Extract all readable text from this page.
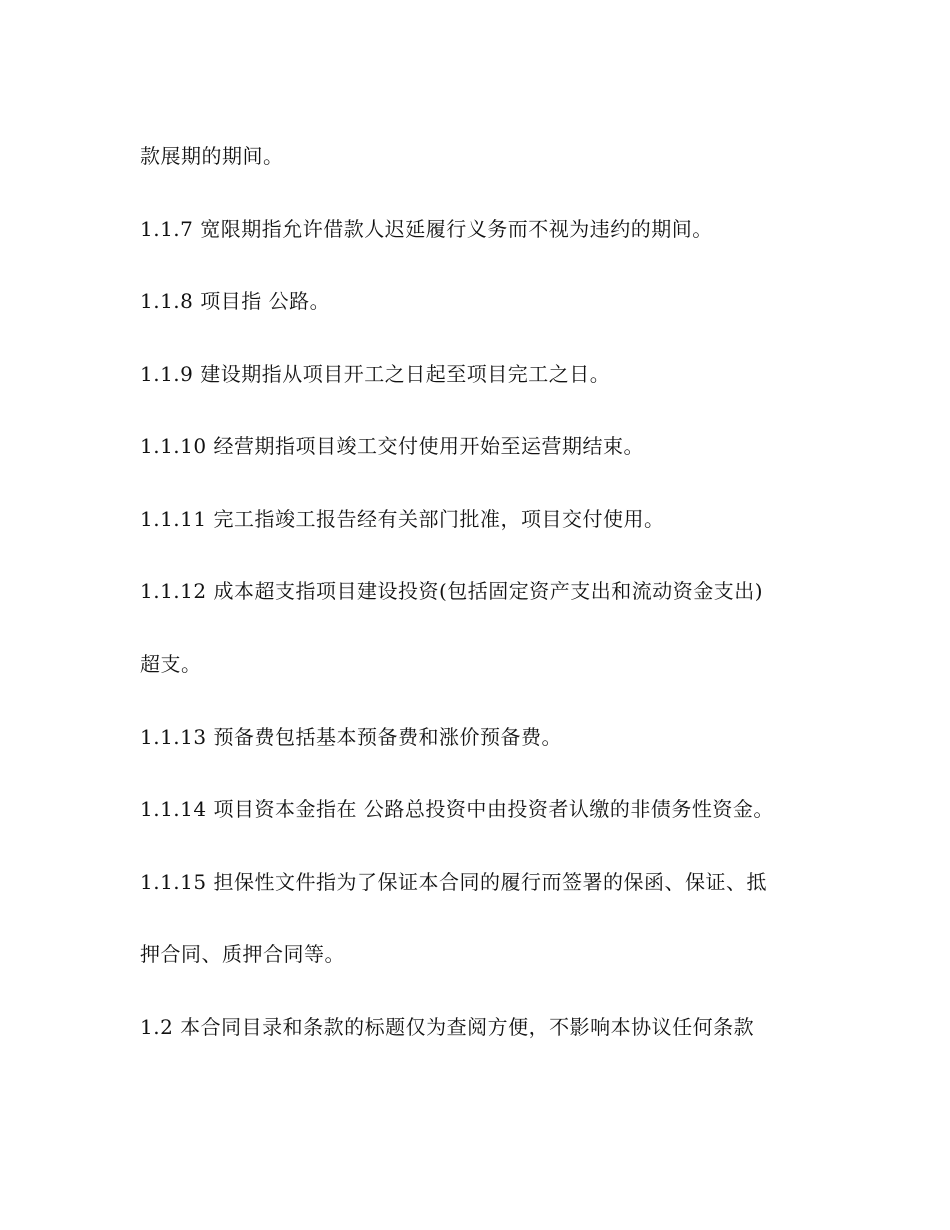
款展期的期间。
1.1.7 宽限期指允许借款人迟延履行义务而不视为违约的期间。
1.1.8 项目指 公路。
1.1.9 建设期指从项目开工之日起至项目完工之日。
1.1.10 经营期指项目竣工交付使用开始至运营期结束。
1.1.11 完工指竣工报告经有关部门批准，项目交付使用。
1.1.12 成本超支指项目建设投资(包括固定资产支出和流动资金支出)
超支。
1.1.13 预备费包括基本预备费和涨价预备费。
1.1.14 项目资本金指在 公路总投资中由投资者认缴的非债务性资金。
1.1.15 担保性文件指为了保证本合同的履行而签署的保函、保证、抵
押合同、质押合同等。
1.2 本合同目录和条款的标题仅为查阅方便，不影响本协议任何条款
